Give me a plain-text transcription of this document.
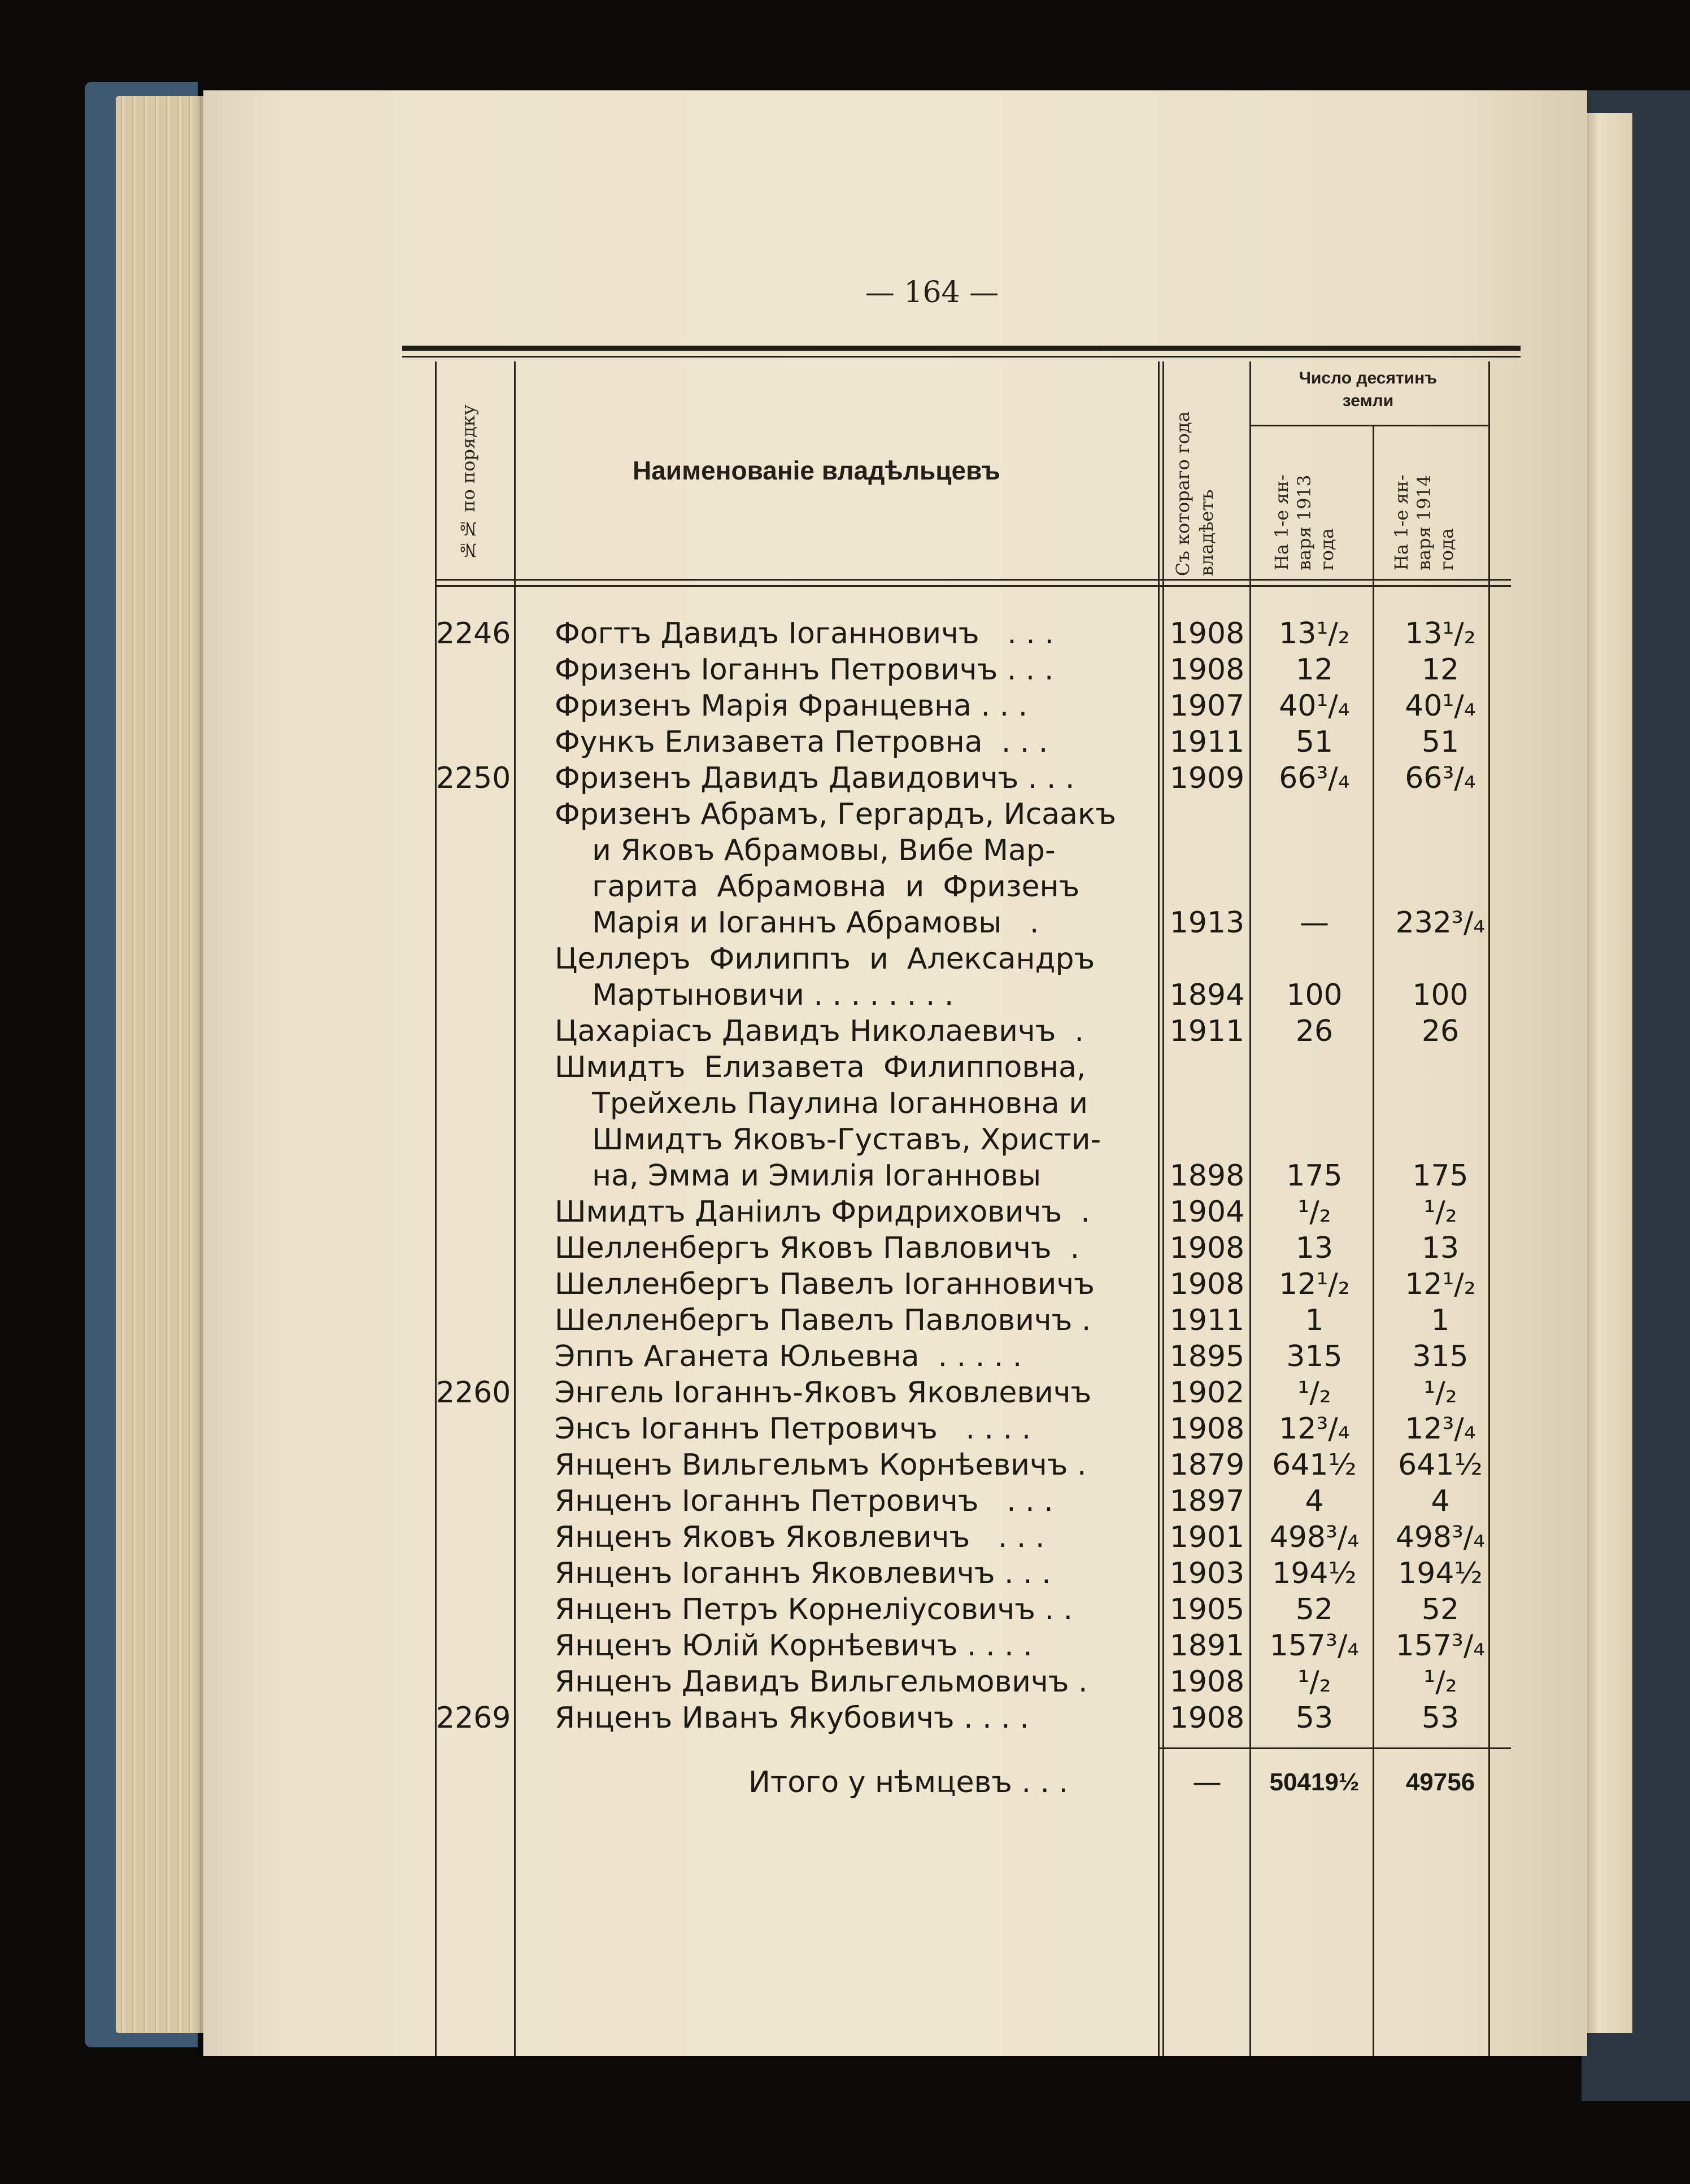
— 164 —
№№ по порядку	Наименованіе владѣльцевъ	Съ котораго года владѣетъ
Число десятинъ
земли
На 1-е ян- варя 1913 года	На 1-е ян- варя 1914 года
2246 Фогтъ Давидъ Іоганновичъ   . . .	1908	13¹/₂	13¹/₂
Фризенъ Іоганнъ Петровичъ . . .	1908	12	12
Фризенъ Марія Францевна . . .	1907	40¹/₄	40¹/₄
Функъ Елизавета Петровна  . . .	1911	51	51
2250 Фризенъ Давидъ Давидовичъ . . .	1909	66³/₄	66³/₄
Фризенъ Абрамъ, Гергардъ, Исаакъ
и Яковъ Абрамовы, Вибе Мар-
гарита  Абрамовна  и  Фризенъ
Марія и Іоганнъ Абрамовы   .	1913	—	232³/₄
Целлеръ  Филиппъ  и  Александръ
Мартыновичи . . . . . . . .	1894	100	100
Цахаріасъ Давидъ Николаевичъ  .	1911	26	26
Шмидтъ  Елизавета  Филипповна,
Трейхель Паулина Іоганновна и
Шмидтъ Яковъ-Густавъ, Христи-
на, Эмма и Эмилія Іоганновы	1898	175	175
Шмидтъ Даніилъ Фридриховичъ  .	1904	¹/₂	¹/₂
Шелленбергъ Яковъ Павловичъ  .	1908	13	13
Шелленбергъ Павелъ Іоганновичъ	1908	12¹/₂	12¹/₂
Шелленбергъ Павелъ Павловичъ .	1911	1	1
Эппъ Аганета Юльевна  . . . . .	1895	315	315
2260 Энгель Іоганнъ-Яковъ Яковлевичъ	1902	¹/₂	¹/₂
Энсъ Іоганнъ Петровичъ   . . . .	1908	12³/₄	12³/₄
Янценъ Вильгельмъ Корнѣевичъ .	1879 641½	641½
Янценъ Іоганнъ Петровичъ   . . .	1897	4	4
Янценъ Яковъ Яковлевичъ   . . .	1901 498³/₄	498³/₄
Янценъ Іоганнъ Яковлевичъ . . .	1903 194½	194½
Янценъ Петръ Корнеліусовичъ . .	1905	52	52
Янценъ Юлій Корнѣевичъ . . . .	1891 157³/₄	157³/₄
Янценъ Давидъ Вильгельмовичъ .	1908	¹/₂	¹/₂
2269 Янценъ Иванъ Якубовичъ . . . .	1908	53	53
Итого у нѣмцевъ . . .	—	50419½	49756
